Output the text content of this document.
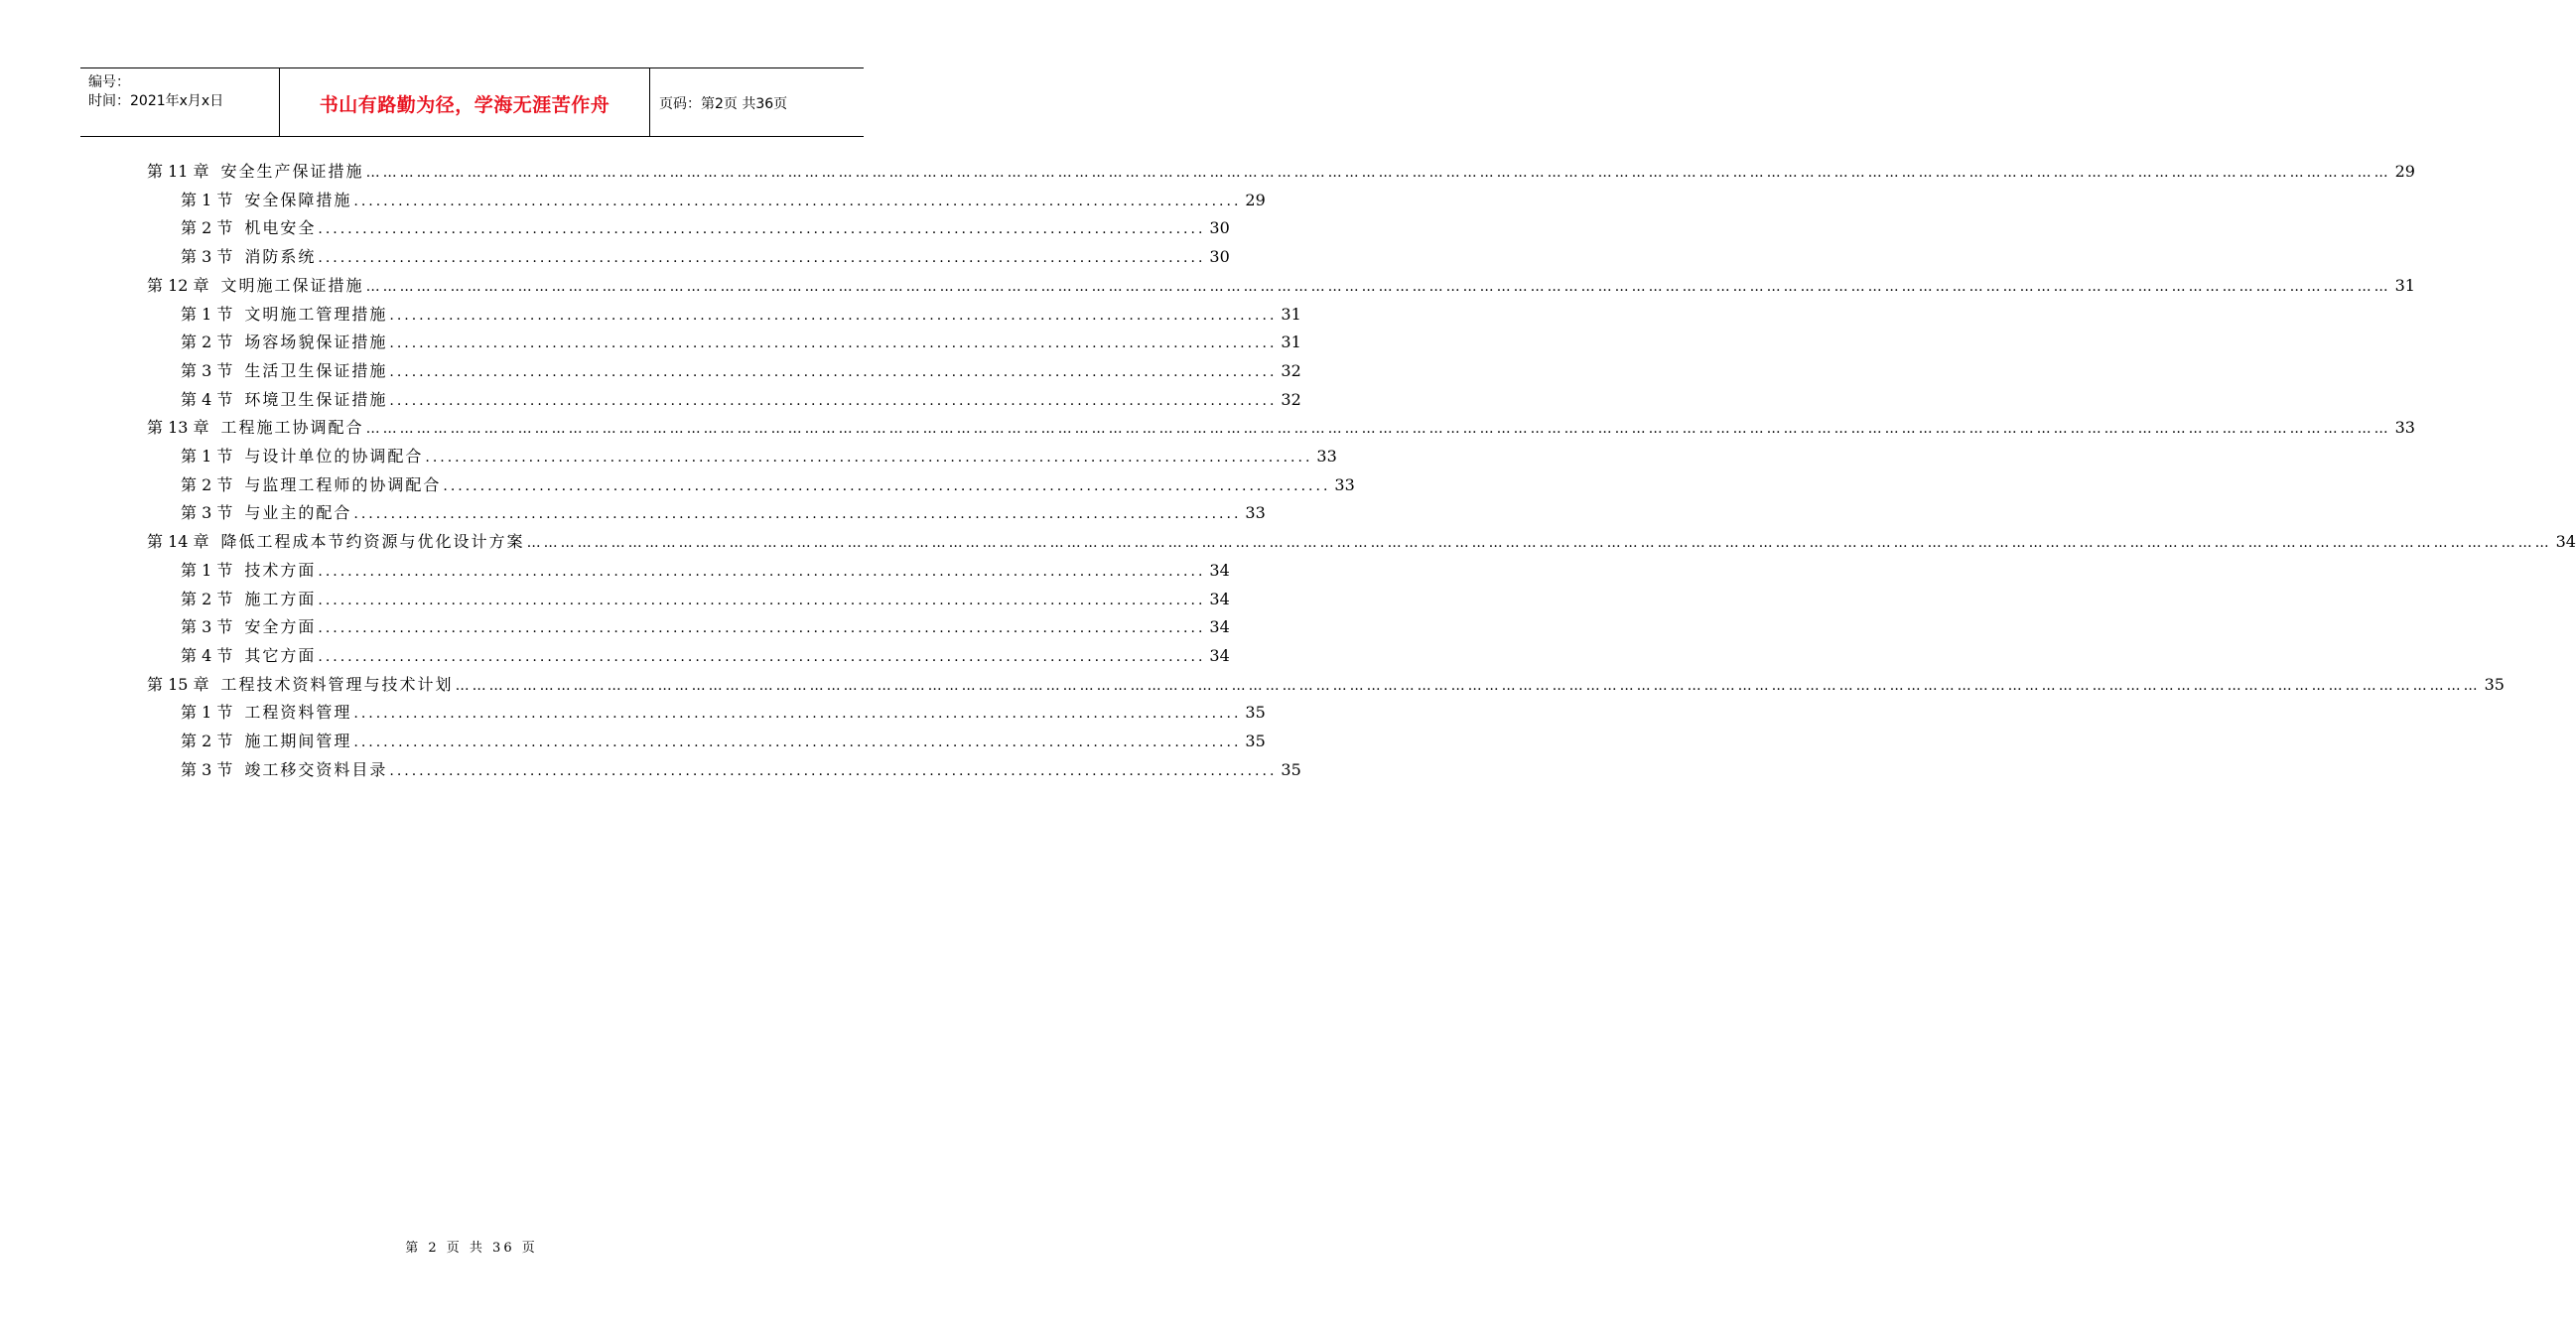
编号：
时间：2021年x月x日	书山有路勤为径，学海无涯苦作舟	页码：第2页 共36页
第 11 章 安全生产保证措施 ……………………………………………………………………………………………………………………………………………………………………………………………………………………………………………………………………………………………………………………………… 29
第 1 节 安全保障措施 ........................................................................................................................ 29
第 2 节 机电安全 ........................................................................................................................ 30
第 3 节 消防系统 ........................................................................................................................ 30
第 12 章 文明施工保证措施 ……………………………………………………………………………………………………………………………………………………………………………………………………………………………………………………………………………………………………………………………… 31
第 1 节 文明施工管理措施 ........................................................................................................................ 31
第 2 节 场容场貌保证措施 ........................................................................................................................ 31
第 3 节 生活卫生保证措施 ........................................................................................................................ 32
第 4 节 环境卫生保证措施 ........................................................................................................................ 32
第 13 章 工程施工协调配合 ……………………………………………………………………………………………………………………………………………………………………………………………………………………………………………………………………………………………………………………………… 33
第 1 节 与设计单位的协调配合 ........................................................................................................................ 33
第 2 节 与监理工程师的协调配合 ........................................................................................................................ 33
第 3 节 与业主的配合 ........................................................................................................................ 33
第 14 章 降低工程成本节约资源与优化设计方案 ……………………………………………………………………………………………………………………………………………………………………………………………………………………………………………………………………………………………………………………………… 34
第 1 节 技术方面 ........................................................................................................................ 34
第 2 节 施工方面 ........................................................................................................................ 34
第 3 节 安全方面 ........................................................................................................................ 34
第 4 节 其它方面 ........................................................................................................................ 34
第 15 章 工程技术资料管理与技术计划 ……………………………………………………………………………………………………………………………………………………………………………………………………………………………………………………………………………………………………………………………… 35
第 1 节 工程资料管理 ........................................................................................................................ 35
第 2 节 施工期间管理 ........................................................................................................................ 35
第 3 节 竣工移交资料目录 ........................................................................................................................ 35
第 2 页 共 36 页
